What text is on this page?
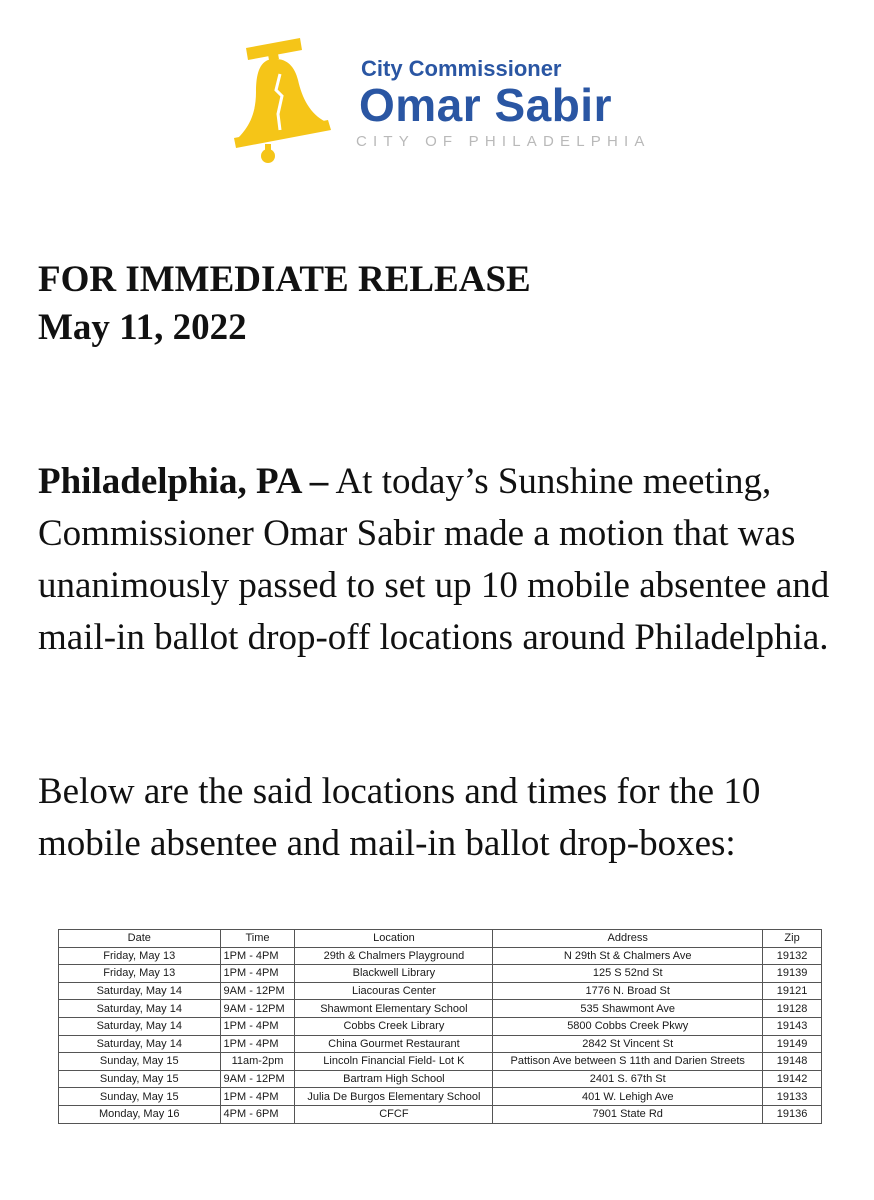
City Commissioner
Omar Sabir
CITY OF PHILADELPHIA
FOR IMMEDIATE RELEASE
May 11, 2022
Philadelphia, PA – At today’s Sunshine meeting, Commissioner Omar Sabir made a motion that was unanimously passed to set up 10 mobile absentee and mail-in ballot drop-off locations around Philadelphia.
Below are the said locations and times for the 10 mobile absentee and mail-in ballot drop-boxes:
Date	Time	Location	Address	Zip
Friday, May 13	1PM - 4PM	29th & Chalmers Playground	N 29th St & Chalmers Ave	19132
Friday, May 13	1PM - 4PM	Blackwell Library	125 S 52nd St	19139
Saturday, May 14	9AM - 12PM	Liacouras Center	1776 N. Broad St	19121
Saturday, May 14	9AM - 12PM	Shawmont Elementary School	535 Shawmont Ave	19128
Saturday, May 14	1PM - 4PM	Cobbs Creek Library	5800 Cobbs Creek Pkwy	19143
Saturday, May 14	1PM - 4PM	China Gourmet Restaurant	2842 St Vincent St	19149
Sunday, May 15	11am-2pm	Lincoln Financial Field- Lot K	Pattison Ave between S 11th and Darien Streets	19148
Sunday, May 15	9AM - 12PM	Bartram High School	2401 S. 67th St	19142
Sunday, May 15	1PM - 4PM	Julia De Burgos Elementary School	401 W. Lehigh Ave	19133
Monday, May 16	4PM - 6PM	CFCF	7901 State Rd	19136
